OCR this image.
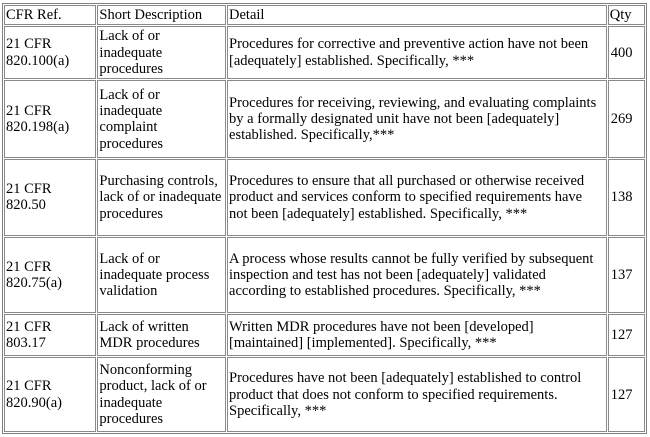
CFR Ref.	Short Description	Detail	Qty
21 CFR 820.100(a)	Lack of or inadequate procedures	Procedures for corrective and preventive action have not been [adequately] established. Specifically, ***	400
21 CFR 820.198(a)	Lack of or inadequate complaint procedures	Procedures for receiving, reviewing, and evaluating complaints by a formally designated unit have not been [adequately] established. Specifically,***	269
21 CFR 820.50	Purchasing controls, lack of or inadequate procedures	Procedures to ensure that all purchased or otherwise received product and services conform to specified requirements have not been [adequately] established. Specifically, ***	138
21 CFR 820.75(a)	Lack of or inadequate process validation	A process whose results cannot be fully verified by subsequent inspection and test has not been [adequately] validated according to established procedures. Specifically, ***	137
21 CFR 803.17	Lack of written MDR procedures	Written MDR procedures have not been [developed] [maintained] [implemented]. Specifically, ***	127
21 CFR 820.90(a)	Nonconforming product, lack of or inadequate procedures	Procedures have not been [adequately] established to control product that does not conform to specified requirements. Specifically, ***	127
